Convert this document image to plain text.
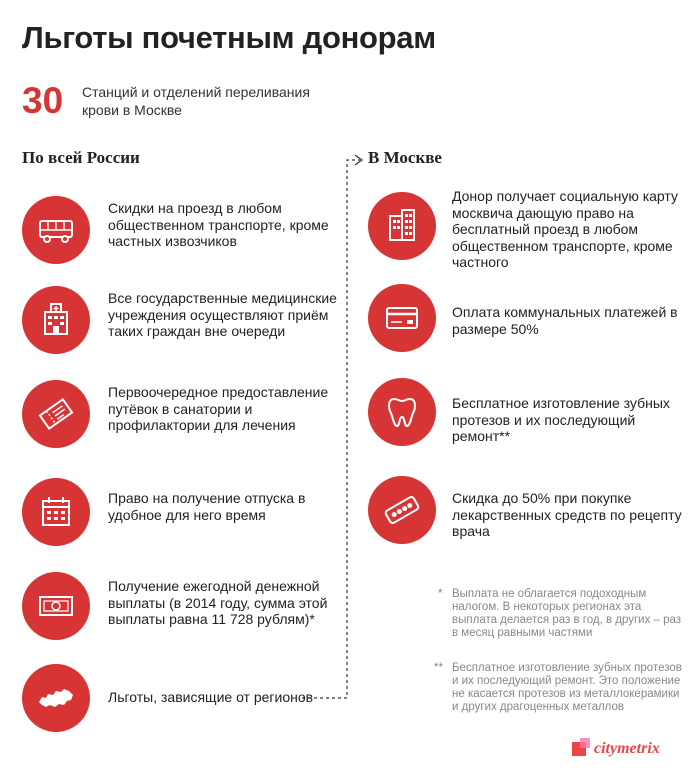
Льготы почетным донорам
30 Станций и отделений переливания крови в Москве
По всей России	В Москве
Скидки на проезд в любом общественном транспорте, кроме частных извозчиков
Все государственные медицинские учреждения осуществляют приём таких граждан вне очереди
Первоочередное предоставление путёвок в санатории и профилактории для лечения
Право на получение отпуска в удобное для него время
Получение ежегодной денежной выплаты (в 2014 году, сумма этой выплаты равна 11 728 рублям)*
Льготы, зависящие от регионов
Донор получает социальную карту москвича дающую право на бесплатный проезд в любом общественном транспорте, кроме частного
Оплата коммунальных платежей в размере 50%
Бесплатное изготовление зубных протезов и их последующий ремонт**
Скидка до 50% при покупке лекарственных средств по рецепту врача
* Выплата не облагается подоходным налогом. В некоторых регионах эта выплата делается раз в год, в других – раз в месяц равными частями
** Бесплатное изготовление зубных протезов и их последующий ремонт. Это положение не касается протезов из металлокерамики и других драгоценных металлов
citymetrix
